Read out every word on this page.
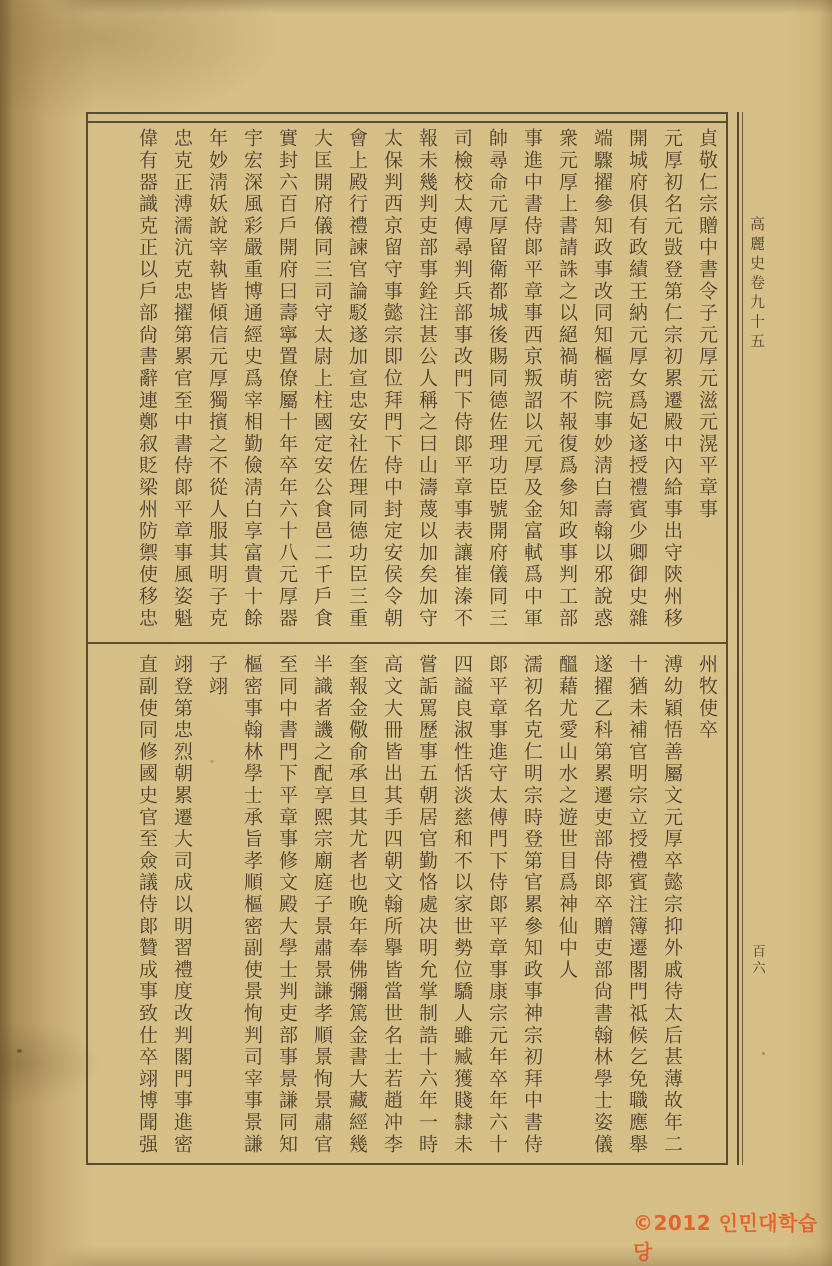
貞敬仁宗贈中書令子元厚元滋元滉平章事

元厚初名元敱登第仁宗初累遷殿中內給事出守陝州移

開城府俱有政績王納元厚女爲妃遂授禮賓少卿御史雜

端驟擢參知政事改同知樞密院事妙淸白壽翰以邪說惑

衆元厚上書請誅之以絕禍萌不報復爲參知政事判工部

事進中書侍郞平章事西京叛詔以元厚及金富軾爲中軍

帥尋命元厚留衛都城後賜同德佐理功臣號開府儀同三

司檢校太傅尋判兵部事改門下侍郞平章事表讓崔溱不

報未幾判吏部事銓注甚公人稱之曰山濤蔑以加矣加守

太保判西京留守事懿宗即位拜門下侍中封定安侯令朝

會上殿行禮諫官論駁遂加宣忠安社佐理同德功臣三重

大匡開府儀同三司守太尉上柱國定安公食邑二千戶食

實封六百戶開府曰壽寧置僚屬十年卒年六十八元厚器

宇宏深風彩嚴重博通經史爲宰相勤儉淸白享富貴十餘

年妙淸妖說宰執皆傾信元厚獨擯之不從人服其明子克

忠克正溥濡沆克忠擢第累官至中書侍郞平章事風姿魁

偉有器識克正以戶部尙書辭連鄭叙貶梁州防禦使移忠

州牧使卒

溥幼穎悟善屬文元厚卒懿宗抑外戚待太后甚薄故年二

十猶未補官明宗立授禮賓注簿遷閣門祗候乞免職應舉

遂擢乙科第累遷吏部侍郞卒贈吏部尙書翰林學士姿儀

醞藉尤愛山水之遊世目爲神仙中人

濡初名克仁明宗時登第官累參知政事神宗初拜中書侍

郞平章事進守太傅門下侍郞平章事康宗元年卒年六十

四謚良淑性恬淡慈和不以家世勢位驕人雖臧獲賤隸未

嘗詬罵歷事五朝居官勤恪處决明允掌制誥十六年一時

高文大冊皆出其手四朝文翰所擧皆當世名士若趙冲李

奎報金儆俞承旦其尤者也晚年奉佛彌篤金書大藏經幾

半識者譏之配享熙宗廟庭子景肅景謙孝順景恂景肅官

至同中書門下平章事修文殿大學士判吏部事景謙同知

樞密事翰林學士承旨孝順樞密副使景恂判司宰事景謙

子翊

翊登第忠烈朝累遷大司成以明習禮度改判閣門事進密

直副使同修國史官至僉議侍郞贊成事致仕卒翊博聞强

高麗史卷九十五
百六
©2012 인민대학습당
